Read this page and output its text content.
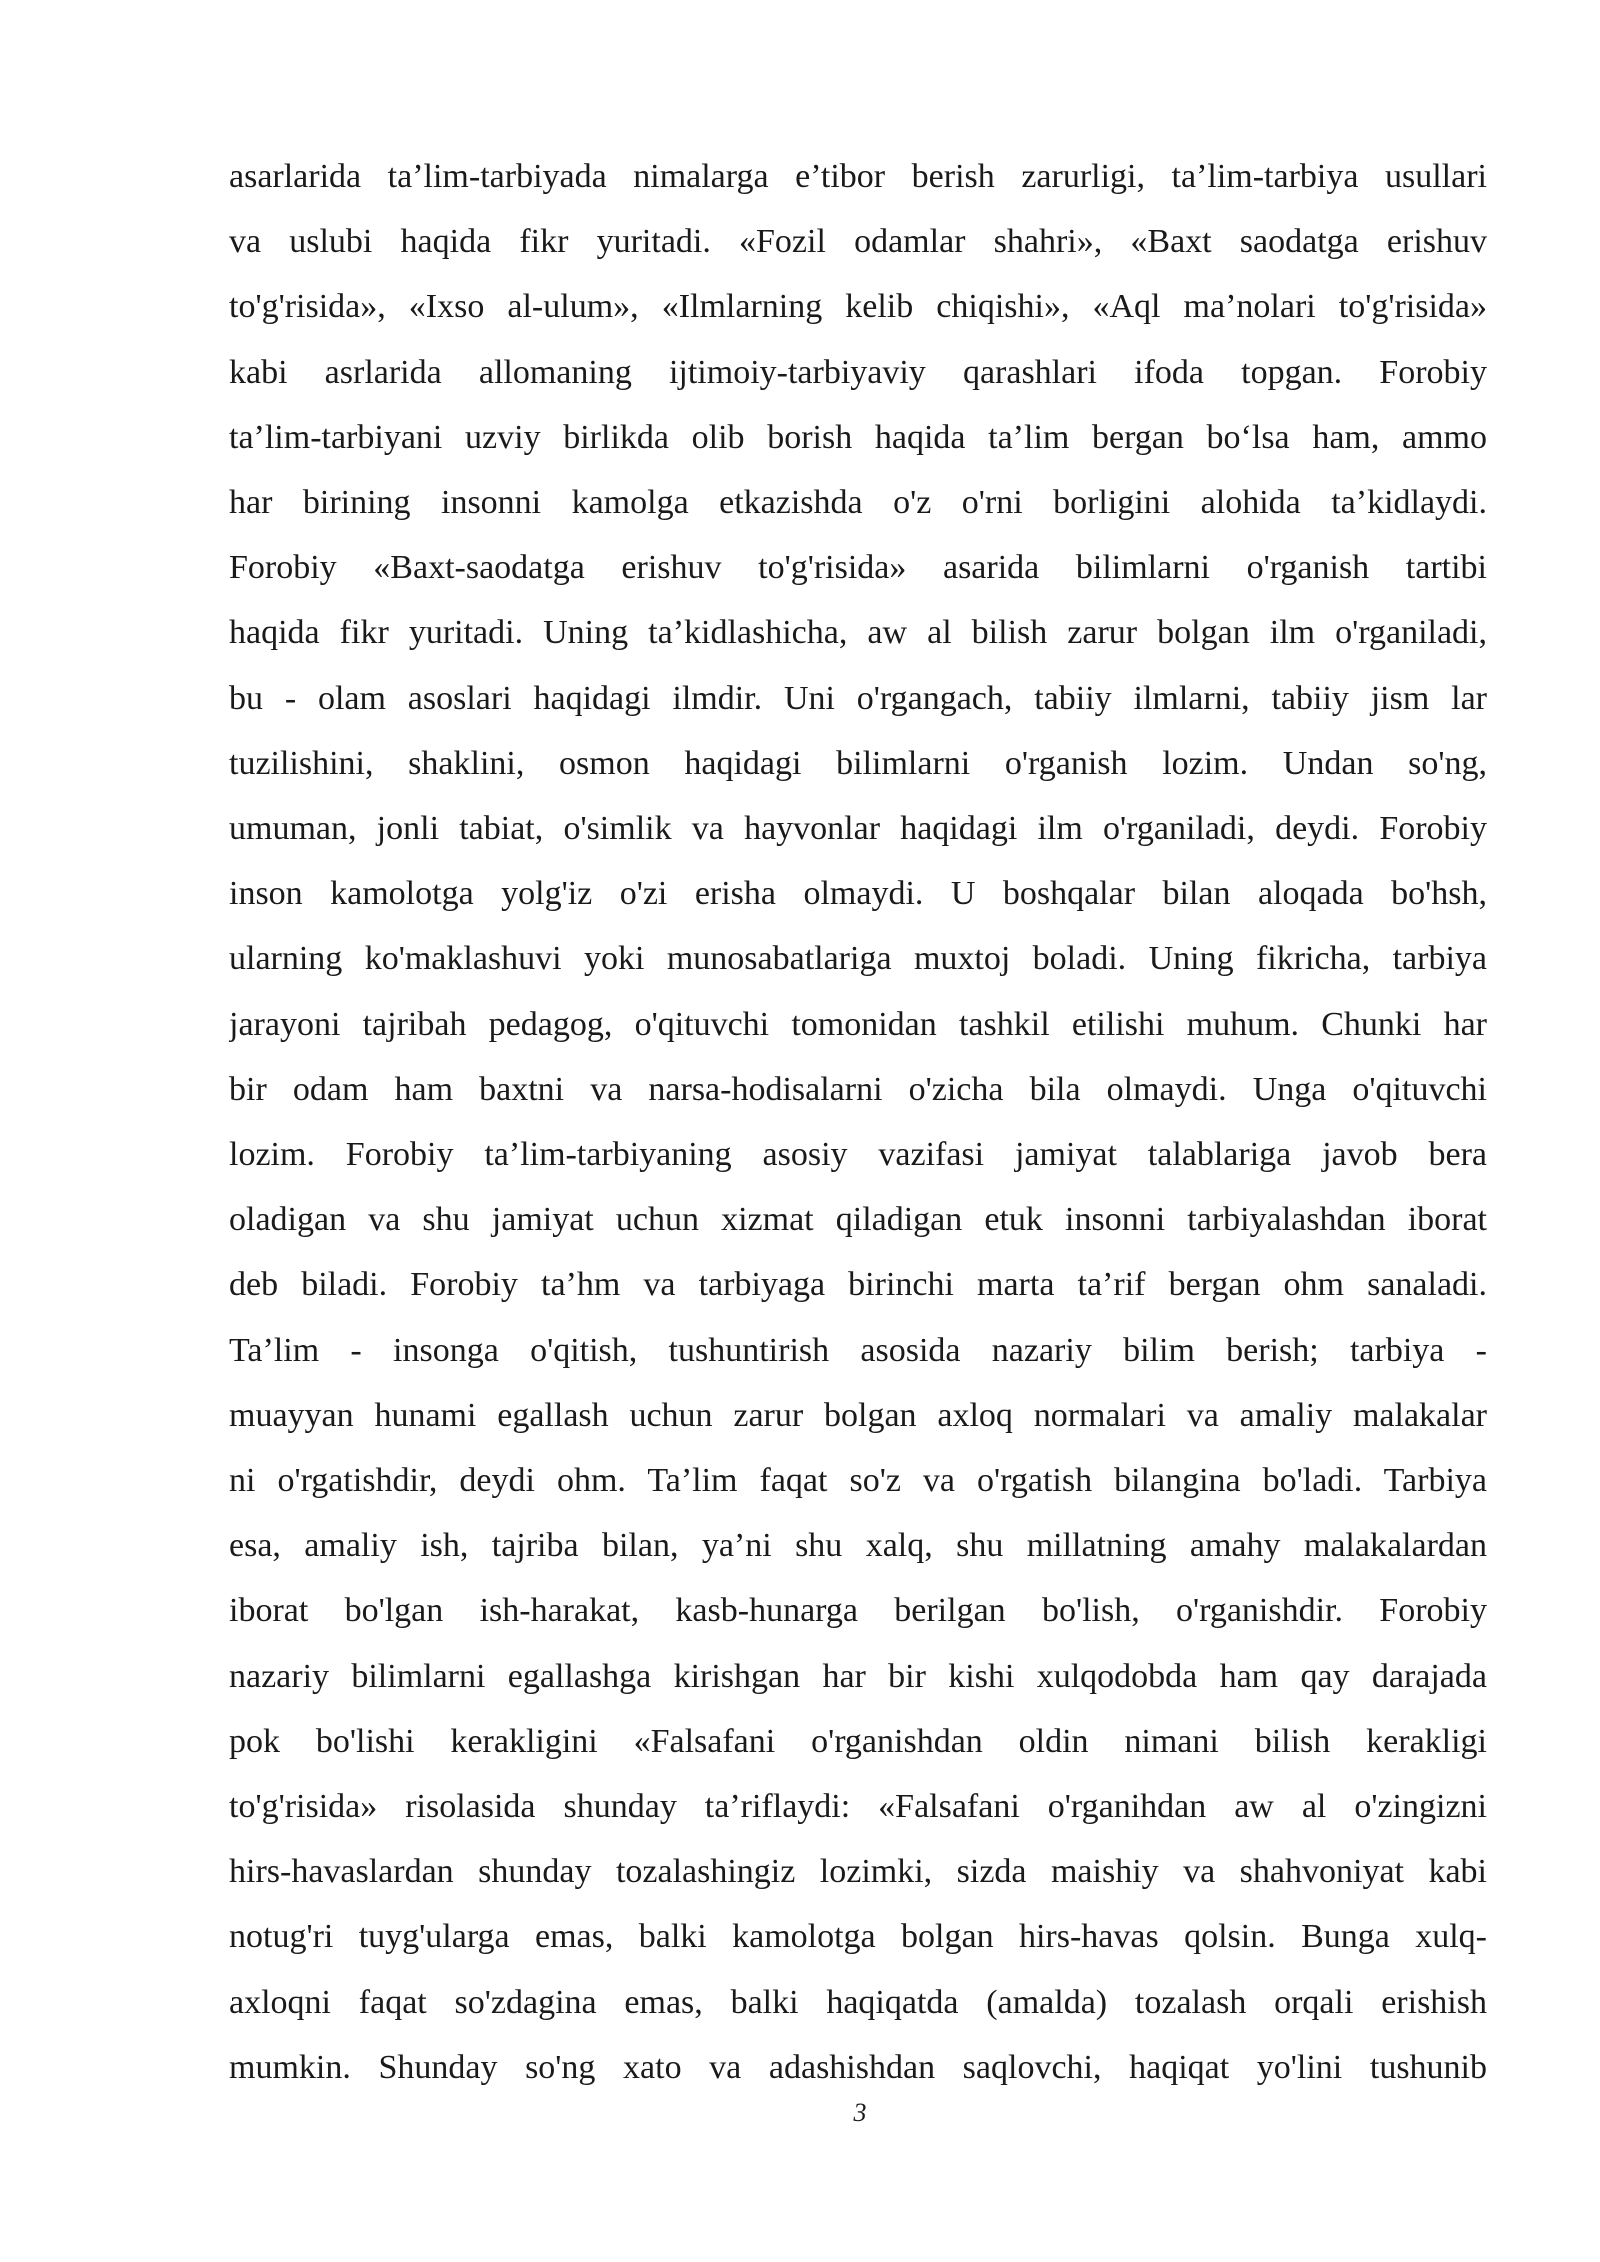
asarlarida ta’lim-tarbiyada nimalarga e’tibor berish zarurligi, ta’lim-tarbiya usullari
va uslubi haqida fikr yuritadi. «Fozil odamlar shahri», «Baxt saodatga erishuv
to'g'risida», «Ixso al-ulum», «Ilmlarning kelib chiqishi», «Aql ma’nolari to'g'risida»
kabi asrlarida allomaning ijtimoiy-tarbiyaviy qarashlari ifoda topgan. Forobiy
ta’lim-tarbiyani uzviy birlikda olib borish haqida ta’lim bergan bo‘lsa ham, ammo
har birining insonni kamolga etkazishda o'z o'rni borligini alohida ta’kidlaydi.
Forobiy «Baxt-saodatga erishuv to'g'risida» asarida bilimlarni o'rganish tartibi
haqida fikr yuritadi. Uning ta’kidlashicha, aw al bilish zarur bolgan ilm o'rganiladi,
bu - olam asoslari haqidagi ilmdir. Uni o'rgangach, tabiiy ilmlarni, tabiiy jism lar
tuzilishini, shaklini, osmon haqidagi bilimlarni o'rganish lozim. Undan so'ng,
umuman, jonli tabiat, o'simlik va hayvonlar haqidagi ilm o'rganiladi, deydi. Forobiy
inson kamolotga yolg'iz o'zi erisha olmaydi. U boshqalar bilan aloqada bo'hsh,
ularning ko'maklashuvi yoki munosabatlariga muxtoj boladi. Uning fikricha, tarbiya
jarayoni tajribah pedagog, o'qituvchi tomonidan tashkil etilishi muhum. Chunki har
bir odam ham baxtni va narsa-hodisalarni o'zicha bila olmaydi. Unga o'qituvchi
lozim. Forobiy ta’lim-tarbiyaning asosiy vazifasi jamiyat talablariga javob bera
oladigan va shu jamiyat uchun xizmat qiladigan etuk insonni tarbiyalashdan iborat
deb biladi. Forobiy ta’hm va tarbiyaga birinchi marta ta’rif bergan ohm sanaladi.
Ta’lim - insonga o'qitish, tushuntirish asosida nazariy bilim berish; tarbiya -
muayyan hunami egallash uchun zarur bolgan axloq normalari va amaliy malakalar
ni o'rgatishdir, deydi ohm. Ta’lim faqat so'z va o'rgatish bilangina bo'ladi. Tarbiya
esa, amaliy ish, tajriba bilan, ya’ni shu xalq, shu millatning amahy malakalardan
iborat bo'lgan ish-harakat, kasb-hunarga berilgan bo'lish, o'rganishdir. Forobiy
nazariy bilimlarni egallashga kirishgan har bir kishi xulqodobda ham qay darajada
pok bo'lishi kerakligini «Falsafani o'rganishdan oldin nimani bilish kerakligi
to'g'risida» risolasida shunday ta’riflaydi: «Falsafani o'rganihdan aw al o'zingizni
hirs-havaslardan shunday tozalashingiz lozimki, sizda maishiy va shahvoniyat kabi
notug'ri tuyg'ularga emas, balki kamolotga bolgan hirs-havas qolsin. Bunga xulq-
axloqni faqat so'zdagina emas, balki haqiqatda (amalda) tozalash orqali erishish
mumkin. Shunday so'ng xato va adashishdan saqlovchi, haqiqat yo'lini tushunib

3
